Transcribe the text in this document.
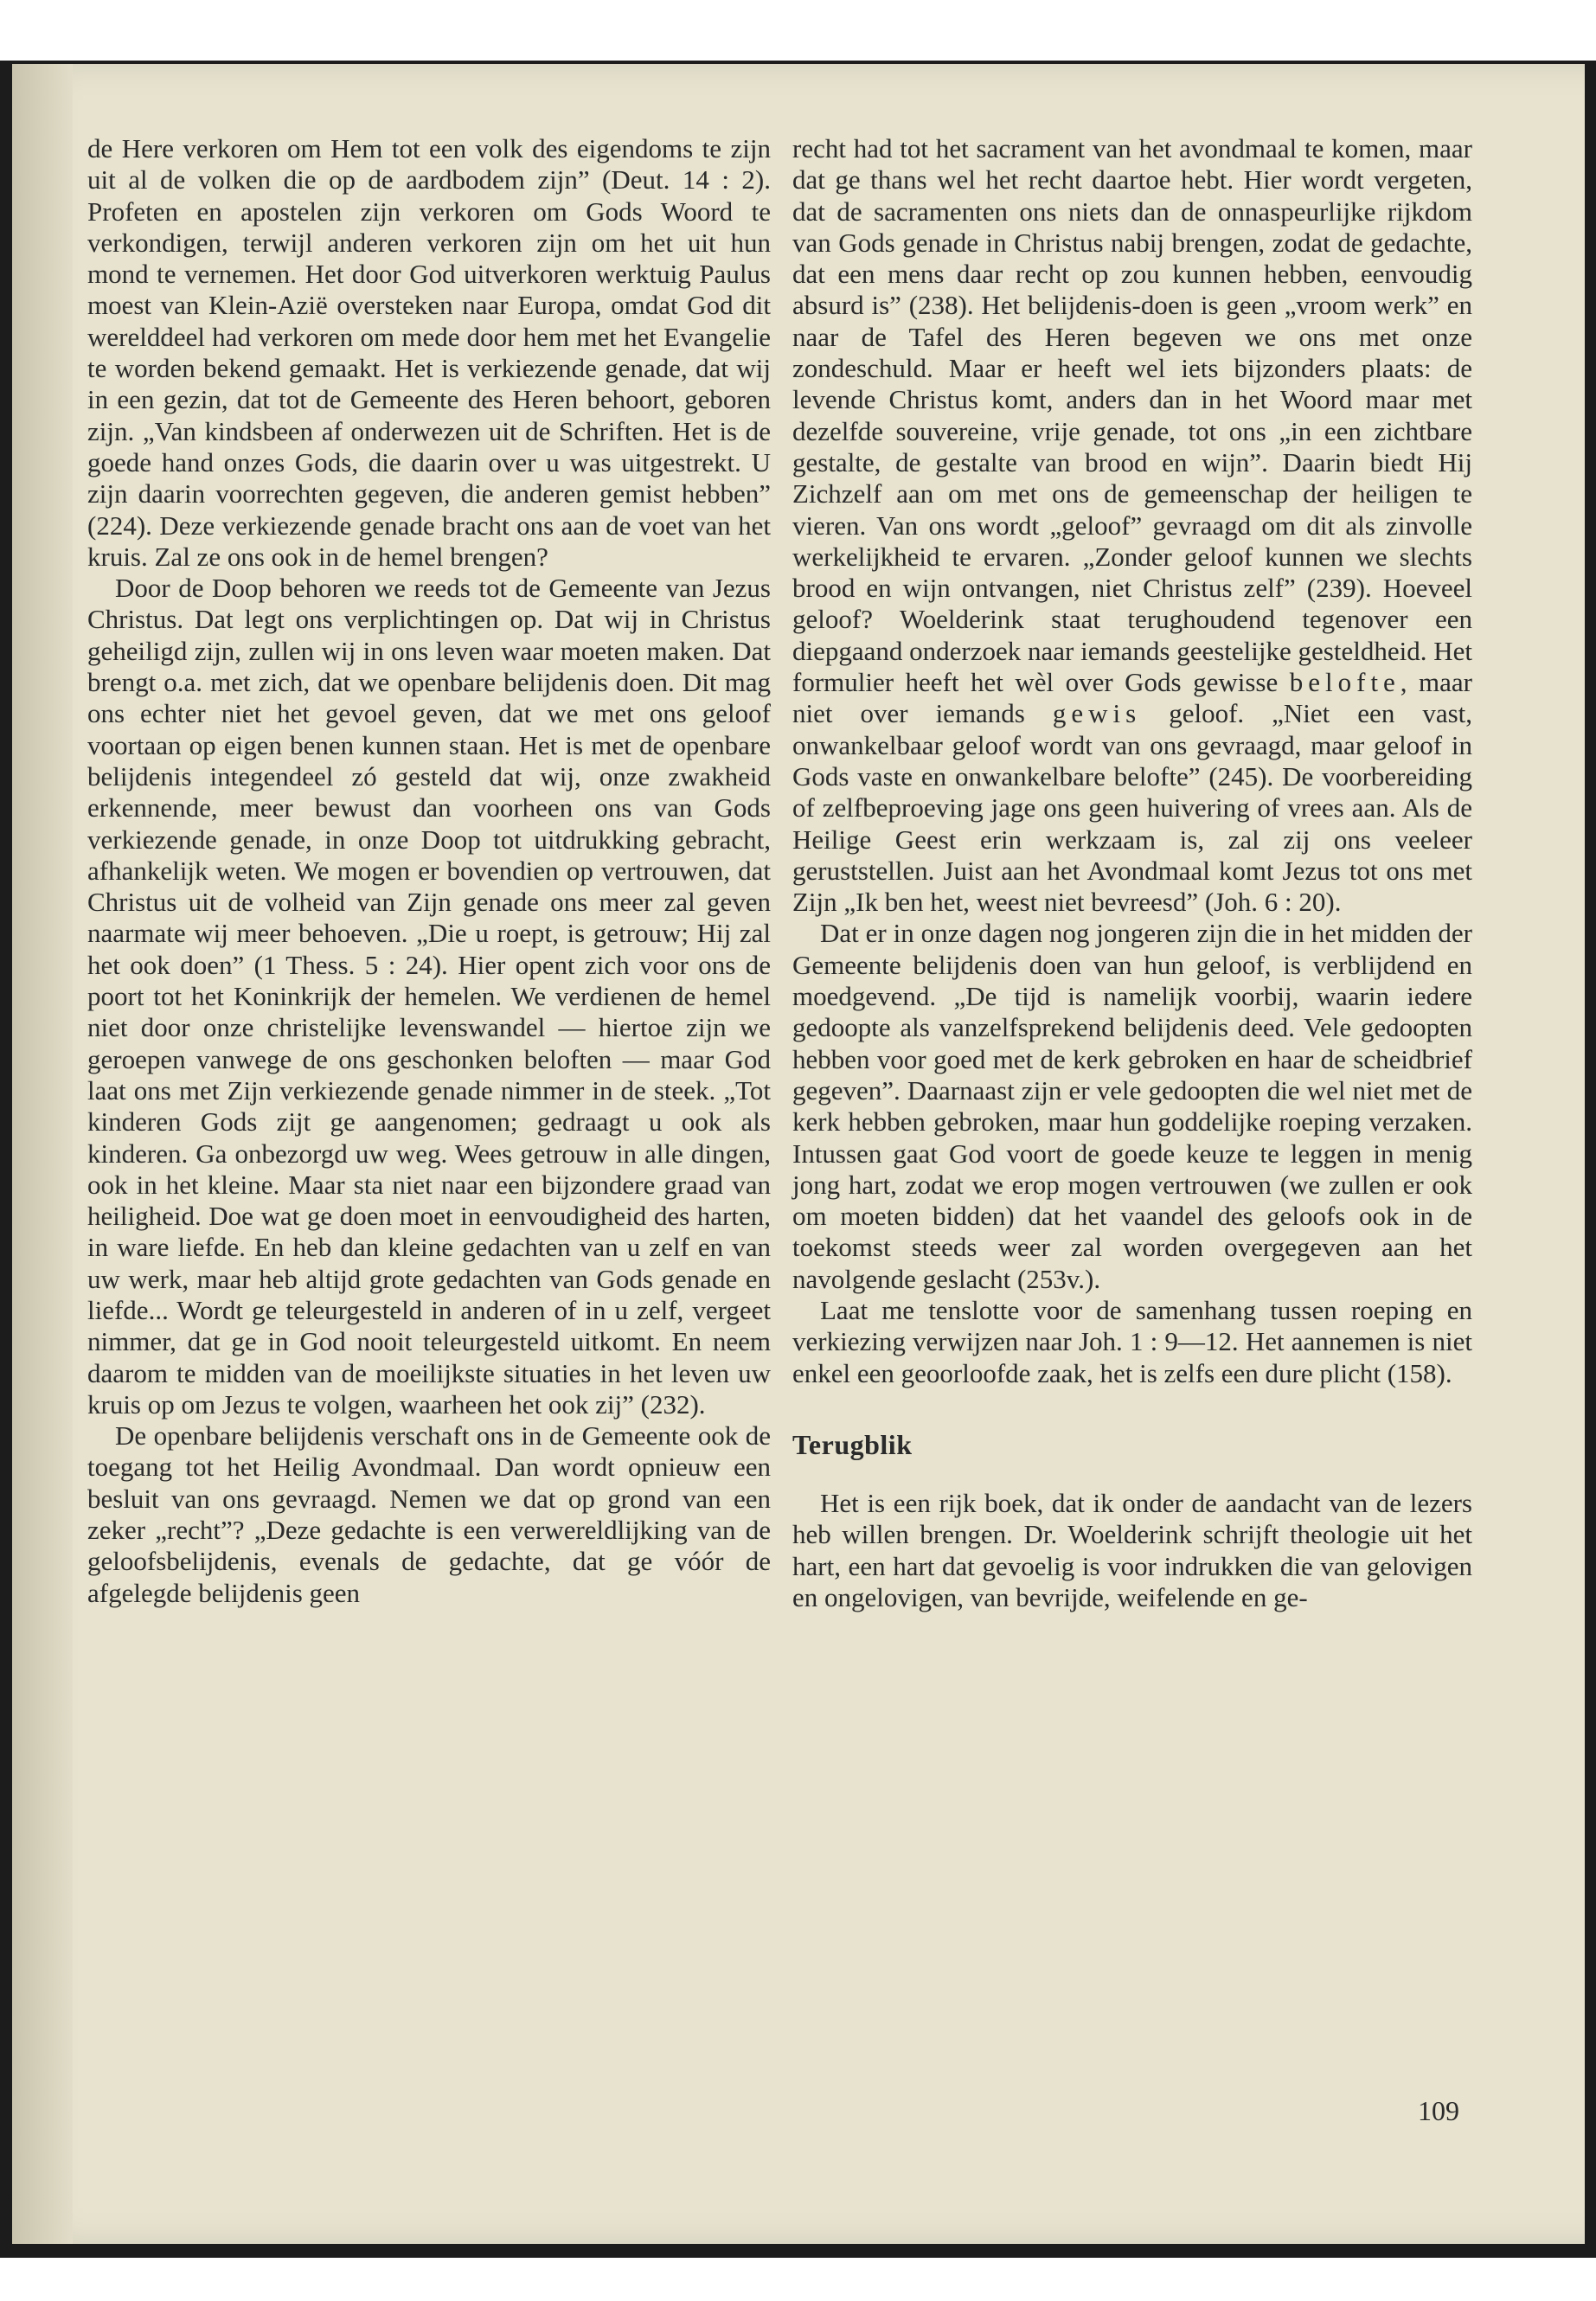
de Here verkoren om Hem tot een volk des eigendoms te zijn uit al de volken die op de aardbodem zijn” (Deut. 14 : 2). Profeten en apostelen zijn verkoren om Gods Woord te verkondigen, terwijl anderen verkoren zijn om het uit hun mond te vernemen. Het door God uitverkoren werktuig Paulus moest van Klein-Azië oversteken naar Europa, omdat God dit werelddeel had verkoren om mede door hem met het Evangelie te worden bekend gemaakt. Het is verkiezende genade, dat wij in een gezin, dat tot de Gemeente des Heren behoort, geboren zijn. „Van kindsbeen af onderwezen uit de Schriften. Het is de goede hand onzes Gods, die daarin over u was uitgestrekt. U zijn daarin voorrechten gegeven, die anderen gemist hebben” (224). Deze verkiezende genade bracht ons aan de voet van het kruis. Zal ze ons ook in de hemel brengen?

Door de Doop behoren we reeds tot de Gemeente van Jezus Christus. Dat legt ons verplichtingen op. Dat wij in Christus geheiligd zijn, zullen wij in ons leven waar moeten maken. Dat brengt o.a. met zich, dat we openbare belijdenis doen. Dit mag ons echter niet het gevoel geven, dat we met ons geloof voortaan op eigen benen kunnen staan. Het is met de openbare belijdenis integendeel zó gesteld dat wij, onze zwakheid erkennende, meer bewust dan voorheen ons van Gods verkiezende genade, in onze Doop tot uitdrukking gebracht, afhankelijk weten. We mogen er bovendien op vertrouwen, dat Christus uit de volheid van Zijn genade ons meer zal geven naarmate wij meer behoeven. „Die u roept, is getrouw; Hij zal het ook doen” (1 Thess. 5 : 24). Hier opent zich voor ons de poort tot het Koninkrijk der hemelen. We verdienen de hemel niet door onze christelijke levenswandel — hiertoe zijn we geroepen vanwege de ons geschonken beloften — maar God laat ons met Zijn verkiezende genade nimmer in de steek. „Tot kinderen Gods zijt ge aangenomen; gedraagt u ook als kinderen. Ga onbezorgd uw weg. Wees getrouw in alle dingen, ook in het kleine. Maar sta niet naar een bijzondere graad van heiligheid. Doe wat ge doen moet in eenvoudigheid des harten, in ware liefde. En heb dan kleine gedachten van u zelf en van uw werk, maar heb altijd grote gedachten van Gods genade en liefde... Wordt ge teleurgesteld in anderen of in u zelf, vergeet nimmer, dat ge in God nooit teleurgesteld uitkomt. En neem daarom te midden van de moeilijkste situaties in het leven uw kruis op om Jezus te volgen, waarheen het ook zij” (232).

De openbare belijdenis verschaft ons in de Gemeente ook de toegang tot het Heilig Avondmaal. Dan wordt opnieuw een besluit van ons gevraagd. Nemen we dat op grond van een zeker „recht”? „Deze gedachte is een verwereldlijking van de geloofsbelijdenis, evenals de gedachte, dat ge vóór de afgelegde belijdenis geen

recht had tot het sacrament van het avondmaal te komen, maar dat ge thans wel het recht daartoe hebt. Hier wordt vergeten, dat de sacramenten ons niets dan de onnaspeurlijke rijkdom van Gods genade in Christus nabij brengen, zodat de gedachte, dat een mens daar recht op zou kunnen hebben, eenvoudig absurd is” (238). Het belijdenis-doen is geen „vroom werk” en naar de Tafel des Heren begeven we ons met onze zondeschuld. Maar er heeft wel iets bijzonders plaats: de levende Christus komt, anders dan in het Woord maar met dezelfde souvereine, vrije genade, tot ons „in een zichtbare gestalte, de gestalte van brood en wijn”. Daarin biedt Hij Zichzelf aan om met ons de gemeenschap der heiligen te vieren. Van ons wordt „geloof” gevraagd om dit als zinvolle werkelijkheid te ervaren. „Zonder geloof kunnen we slechts brood en wijn ontvangen, niet Christus zelf” (239). Hoeveel geloof? Woelderink staat terughoudend tegenover een diepgaand onderzoek naar iemands geestelijke gesteldheid. Het formulier heeft het wèl over Gods gewisse belofte, maar niet over iemands gewis geloof. „Niet een vast, onwankelbaar geloof wordt van ons gevraagd, maar geloof in Gods vaste en onwankelbare belofte” (245). De voorbereiding of zelfbeproeving jage ons geen huivering of vrees aan. Als de Heilige Geest erin werkzaam is, zal zij ons veeleer geruststellen. Juist aan het Avondmaal komt Jezus tot ons met Zijn „Ik ben het, weest niet bevreesd” (Joh. 6 : 20).

Dat er in onze dagen nog jongeren zijn die in het midden der Gemeente belijdenis doen van hun geloof, is verblijdend en moedgevend. „De tijd is namelijk voorbij, waarin iedere gedoopte als vanzelfsprekend belijdenis deed. Vele gedoopten hebben voor goed met de kerk gebroken en haar de scheidbrief gegeven”. Daarnaast zijn er vele gedoopten die wel niet met de kerk hebben gebroken, maar hun goddelijke roeping verzaken. Intussen gaat God voort de goede keuze te leggen in menig jong hart, zodat we erop mogen vertrouwen (we zullen er ook om moeten bidden) dat het vaandel des geloofs ook in de toekomst steeds weer zal worden overgegeven aan het navolgende geslacht (253v.).

Laat me tenslotte voor de samenhang tussen roeping en verkiezing verwijzen naar Joh. 1 : 9—12. Het aannemen is niet enkel een geoorloofde zaak, het is zelfs een dure plicht (158).

Terugblik

Het is een rijk boek, dat ik onder de aandacht van de lezers heb willen brengen. Dr. Woelderink schrijft theologie uit het hart, een hart dat gevoelig is voor indrukken die van gelovigen en ongelovigen, van bevrijde, weifelende en ge-

109
